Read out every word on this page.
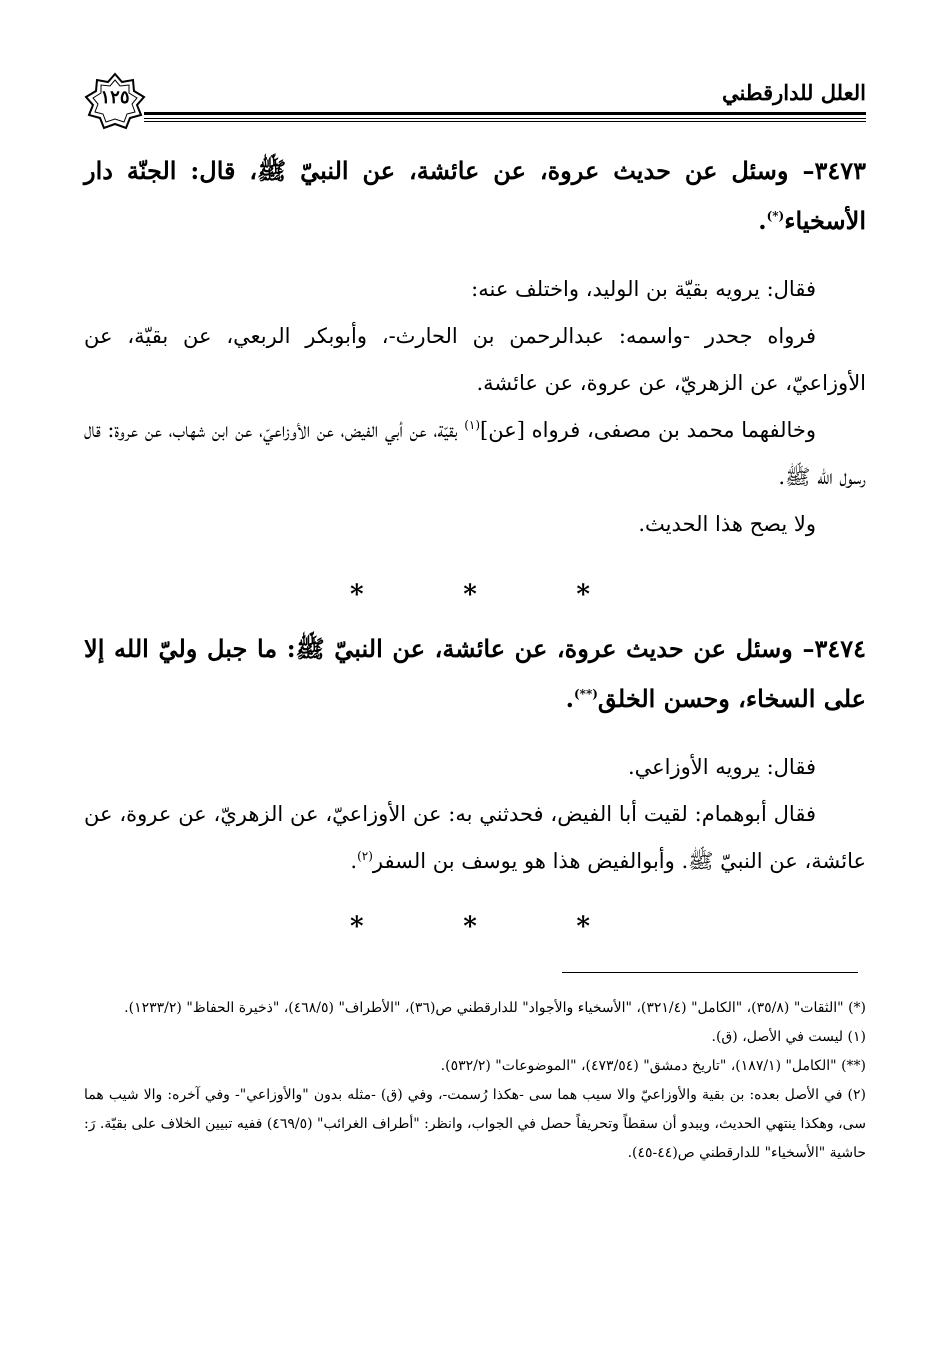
العلل للدارقطني
١٢٥
٣٤٧٣– وسئل عن حديث عروة، عن عائشة، عن النبيّ ﷺ، قال: الجنّة دار الأسخياء(*).
فقال: يرويه بقيّة بن الوليد، واختلف عنه:
فرواه جحدر -واسمه: عبدالرحمن بن الحارث-، وأبوبكر الربعي، عن بقيّة، عن الأوزاعيّ، عن الزهريّ، عن عروة، عن عائشة.
وخالفهما محمد بن مصفى، فرواه [عن]$^{(١)}$ بقيّة، عن أبي الفيض، عن الأوزاعيّ، عن ابن شهاب، عن عروة: قال رسول الله ﷺ.
ولا يصح هذا الحديث.
*	*	*
٣٤٧٤– وسئل عن حديث عروة، عن عائشة، عن النبيّ ﷺ: ما جبل وليّ الله إلا على السخاء، وحسن الخلق(**).
فقال: يرويه الأوزاعي.
فقال أبوهمام: لقيت أبا الفيض، فحدثني به: عن الأوزاعيّ، عن الزهريّ، عن عروة، عن عائشة، عن النبيّ ﷺ. وأبوالفيض هذا هو يوسف بن السفر$^{(٢)}$.
*	*	*

(*) "الثقات" (٣٥/٨)، "الكامل" (٣٢١/٤)، "الأسخياء والأجواد" للدارقطني ص(٣٦)، "الأطراف" (٤٦٨/٥)، "ذخيرة الحفاظ" (١٢٣٣/٢).

(١) ليست في الأصل، (ق).

(**) "الكامل" (١٨٧/١)، "تاريخ دمشق" (٤٧٣/٥٤)، "الموضوعات" (٥٣٢/٢).

(٢) في الأصل بعده: بن بقية والأوزاعيّ والا سيب هما سى -هكذا رُسمت-، وفي (ق) -مثله بدون "والأوزاعي"- وفي آخره: والا شيب هما سى، وهكذا ينتهي الحديث، ويبدو أن سقطاً وتحريفاً حصل في الجواب، وانظر: "أطراف الغرائب" (٤٦٩/٥) ففيه تبيين الخلاف على بقيّة. رَ: حاشية "الأسخياء" للدارقطني ص(٤٤-٤٥).
